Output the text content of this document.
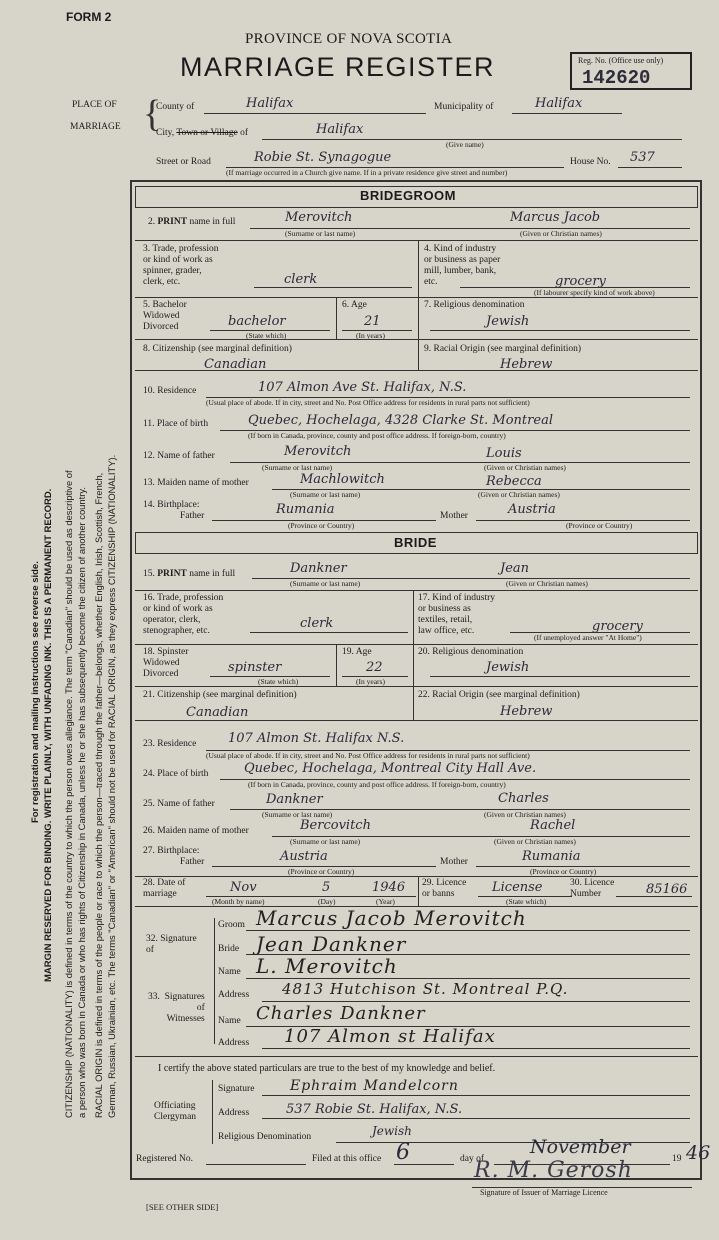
FORM 2
PROVINCE OF NOVA SCOTIA
MARRIAGE REGISTER	Reg. No. (Office use only)
142620
PLACE OF
MARRIAGE {
County of	Halifax	Municipality of	Halifax
City, Town or Village of	Halifax
(Give name)
Street or Road	Robie St. Synagogue	House No. 537
(If marriage occurred in a Church give name. If in a private residence give street and number)
For registration and mailing instructions see reverse side. MARGIN RESERVED FOR BINDING. WRITE PLAINLY, WITH UNFADING INK. THIS IS A PERMANENT RECORD. CITIZENSHIP (NATIONALITY) is defined in terms of the country to which the person owes allegiance. The term "Canadian" should be used as descriptive of a person who was born in Canada or who has rights of Citizenship in Canada, unless he or she has subsequently become the citizen of another country. RACIAL ORIGIN is defined in terms of the people or race to which the person—traced through the father—belongs, whether English, Irish, Scottish, French, German, Russian, Ukrainian, etc. The terms "Canadian" or "American" should not be used for RACIAL ORIGIN, as they express CITIZENSHIP (NATIONALITY).
BRIDEGROOM
2. PRINT name in full	Merovitch	Marcus Jacob
(Surname or last name)	(Given or Christian names)
3. Trade, profession
or kind of work as
spinner, grader,
clerk, etc.	clerk
4. Kind of industry
or business as paper
mill, lumber, bank,
etc.	grocery
(If labourer specify kind of work above)
5. Bachelor
Widowed
Divorced	bachelor
(State which)
6. Age
21
(In years)
7. Religious denomination
Jewish
8. Citizenship (see marginal definition)
Canadian
9. Racial Origin (see marginal definition)
Hebrew
10. Residence	107 Almon Ave St. Halifax, N.S.
(Usual place of abode. If in city, street and No. Post Office address for residents in rural parts not sufficient)
11. Place of birth	Quebec, Hochelaga, 4328 Clarke St. Montreal
(If born in Canada, province, county and post office address. If foreign-born, country)
12. Name of father	Merovitch	Louis
(Surname or last name)	(Given or Christian names)
13. Maiden name of mother	Machlowitch	Rebecca
(Surname or last name)	(Given or Christian names)
14. Birthplace:
Father	Rumania
(Province or Country)
Mother	Austria
(Province or Country)
BRIDE
15. PRINT name in full	Dankner	Jean
(Surname or last name)	(Given or Christian names)
16. Trade, profession
or kind of work as
operator, clerk,
stenographer, etc.	clerk
17. Kind of industry
or business as
textiles, retail,
law office, etc.	grocery
(If unemployed answer "At Home")
18. Spinster
Widowed
Divorced	spinster
(State which)
19. Age
22
(In years)
20. Religious denomination
Jewish
21. Citizenship (see marginal definition)
Canadian
22. Racial Origin (see marginal definition)
Hebrew
23. Residence 107 Almon St. Halifax N.S.
(Usual place of abode. If in city, street and No. Post Office address for residents in rural parts not sufficient)
24. Place of birth	Quebec, Hochelaga, Montreal City Hall Ave.
(If born in Canada, province, county and post office address. If foreign-born, country)
25. Name of father	Dankner	Charles
(Surname or last name)	(Given or Christian names)
26. Maiden name of mother	Bercovitch	Rachel
(Surname or last name)	(Given or Christian names)
27. Birthplace:
Father	Austria
(Province or Country)
Mother	Rumania
(Province or Country)
28. Date of
marriage	Nov	5	1946
(Month by name)	(Day)	(Year)
29. Licence
or banns	License
(State which)
30. Licence
Number	85166
32. Signature
of
Groom Marcus Jacob Merovitch
Bride Jean Dankner
33.  Signatures
of
Witnesses
Name L. Merovitch
Address 4813 Hutchison St. Montreal P.Q.
Name Charles Dankner
Address 107 Almon st Halifax
I certify the above stated particulars are true to the best of my knowledge and belief.
Officiating
Clergyman
Signature	Ephraim Mandelcorn
Address	537 Robie St. Halifax, N.S.
Religious Denomination	Jewish
Registered No.	Filed at this office 6	day of
November
19 46
R. M. Gerosh
Signature of Issuer of Marriage Licence
[SEE OTHER SIDE]
